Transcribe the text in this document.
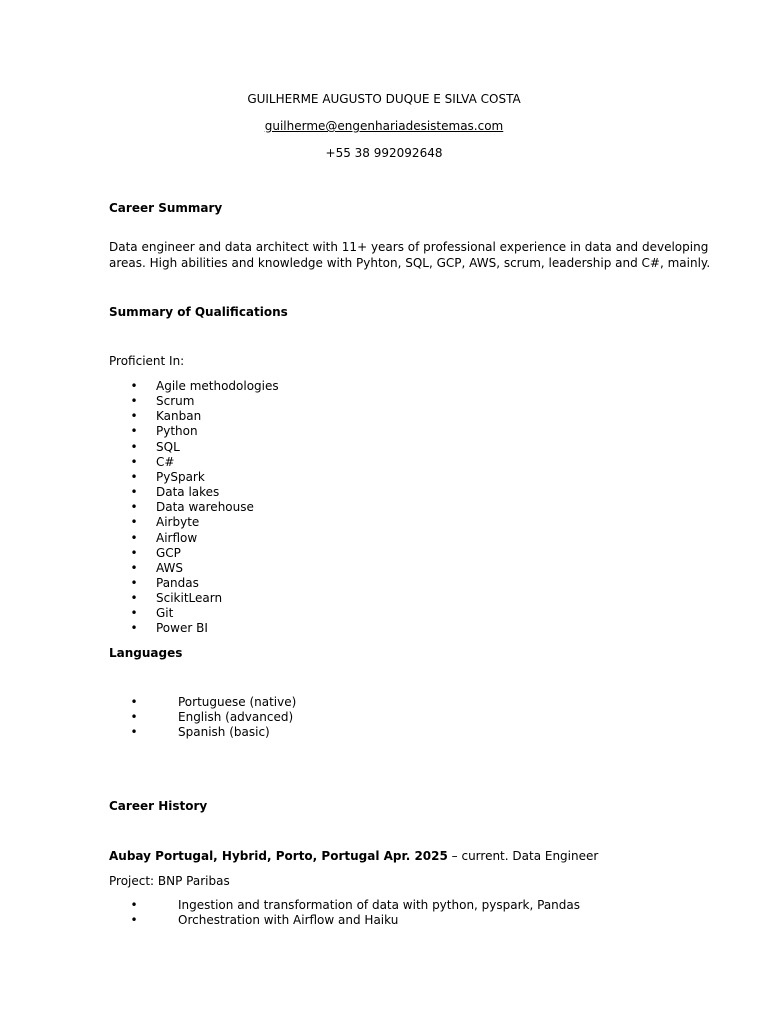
GUILHERME AUGUSTO DUQUE E SILVA COSTA
guilherme@engenhariadesistemas.com
+55 38 992092648
Career Summary
Data engineer and data architect with 11+ years of professional experience in data and developing
areas. High abilities and knowledge with Pyhton, SQL, GCP, AWS, scrum, leadership and C#, mainly.
Summary of Qualifications
Proficient In:
• Agile methodologies
• Scrum
• Kanban
• Python
• SQL
• C#
• PySpark
• Data lakes
• Data warehouse
• Airbyte
• Airflow
• GCP
• AWS
• Pandas
• ScikitLearn
• Git
• Power BI
Languages
•	Portuguese (native)
•	English (advanced)
•	Spanish (basic)
Career History
Aubay Portugal, Hybrid, Porto, Portugal Apr. 2025 – current. Data Engineer
Project: BNP Paribas
•	Ingestion and transformation of data with python, pyspark, Pandas
•	Orchestration with Airflow and Haiku
